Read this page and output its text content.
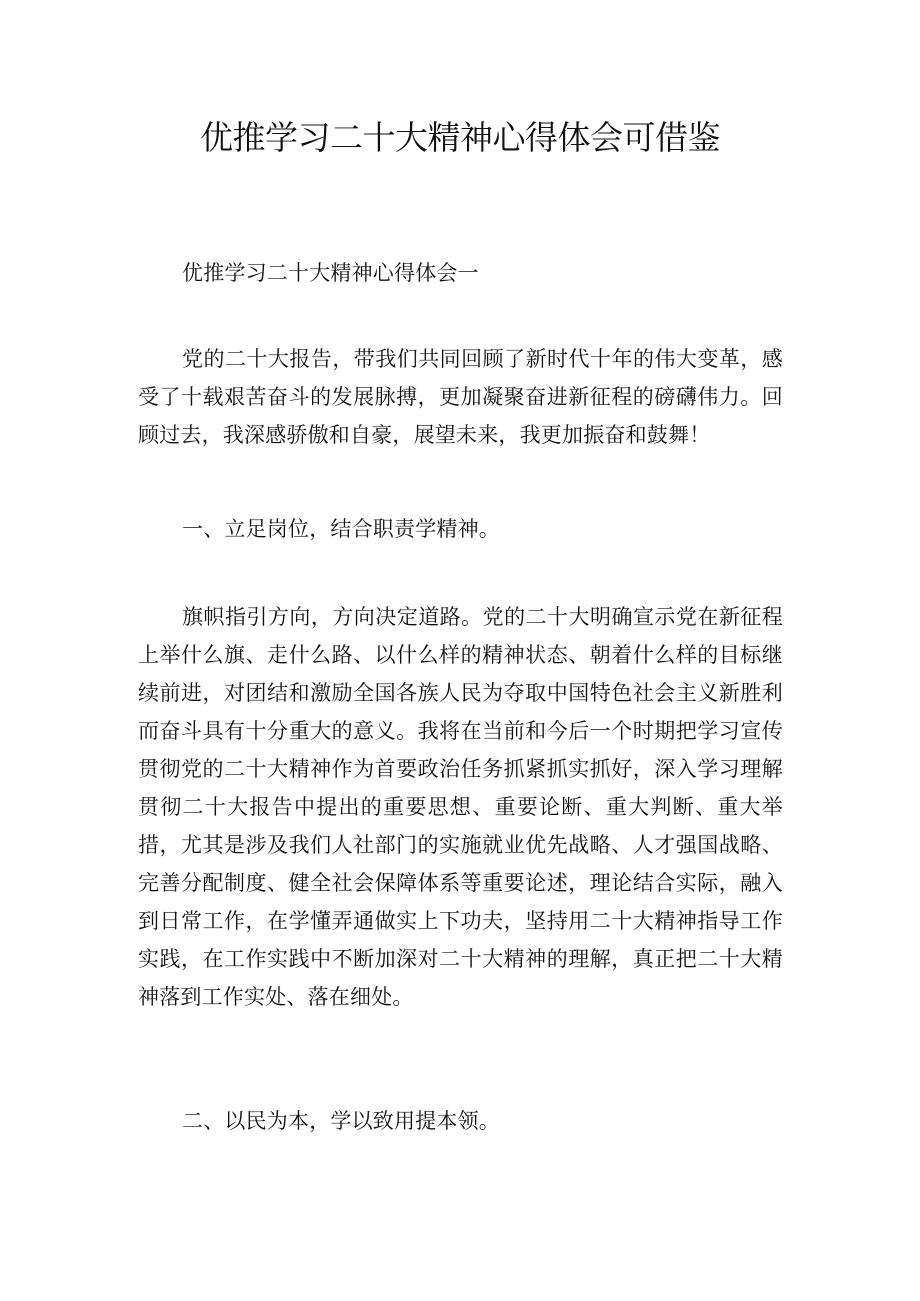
优推学习二十大精神心得体会可借鉴

优推学习二十大精神心得体会一

党的二十大报告，带我们共同回顾了新时代十年的伟大变革，感受了十载艰苦奋斗的发展脉搏，更加凝聚奋进新征程的磅礴伟力。回顾过去，我深感骄傲和自豪，展望未来，我更加振奋和鼓舞！

一、立足岗位，结合职责学精神。

旗帜指引方向，方向决定道路。党的二十大明确宣示党在新征程上举什么旗、走什么路、以什么样的精神状态、朝着什么样的目标继续前进，对团结和激励全国各族人民为夺取中国特色社会主义新胜利而奋斗具有十分重大的意义。我将在当前和今后一个时期把学习宣传贯彻党的二十大精神作为首要政治任务抓紧抓实抓好，深入学习理解贯彻二十大报告中提出的重要思想、重要论断、重大判断、重大举措，尤其是涉及我们人社部门的实施就业优先战略、人才强国战略、完善分配制度、健全社会保障体系等重要论述，理论结合实际，融入到日常工作，在学懂弄通做实上下功夫，坚持用二十大精神指导工作实践，在工作实践中不断加深对二十大精神的理解，真正把二十大精神落到工作实处、落在细处。

二、以民为本，学以致用提本领。
